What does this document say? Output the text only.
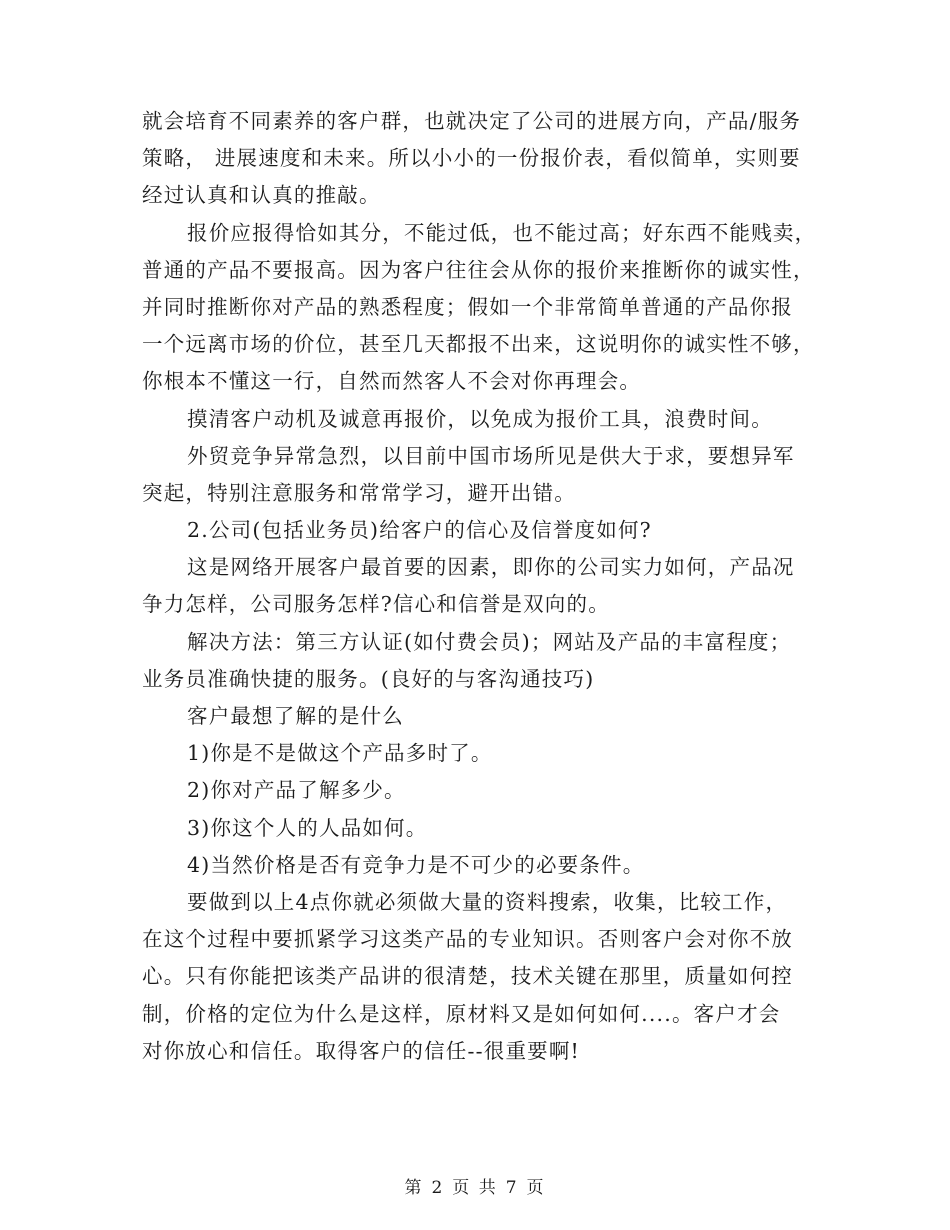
就会培育不同素养的客户群，也就决定了公司的进展方向，产品/服务
策略， 进展速度和未来。所以小小的一份报价表，看似简单，实则要
经过认真和认真的推敲。
报价应报得恰如其分，不能过低，也不能过高；好东西不能贱卖，
普通的产品不要报高。因为客户往往会从你的报价来推断你的诚实性，
并同时推断你对产品的熟悉程度；假如一个非常简单普通的产品你报
一个远离市场的价位，甚至几天都报不出来，这说明你的诚实性不够，
你根本不懂这一行，自然而然客人不会对你再理会。
摸清客户动机及诚意再报价，以免成为报价工具，浪费时间。
外贸竞争异常急烈，以目前中国市场所见是供大于求，要想异军
突起，特别注意服务和常常学习，避开出错。
2.公司(包括业务员)给客户的信心及信誉度如何?
这是网络开展客户最首要的因素，即你的公司实力如何，产品况
争力怎样，公司服务怎样?信心和信誉是双向的。
解决方法：第三方认证(如付费会员)；网站及产品的丰富程度；
业务员准确快捷的服务。(良好的与客沟通技巧)
客户最想了解的是什么
1)你是不是做这个产品多时了。
2)你对产品了解多少。
3)你这个人的人品如何。
4)当然价格是否有竞争力是不可少的必要条件。
要做到以上4点你就必须做大量的资料搜索，收集，比较工作，
在这个过程中要抓紧学习这类产品的专业知识。否则客户会对你不放
心。只有你能把该类产品讲的很清楚，技术关键在那里，质量如何控
制，价格的定位为什么是这样，原材料又是如何如何....。客户才会
对你放心和信任。取得客户的信任--很重要啊!
第 2 页 共 7 页
